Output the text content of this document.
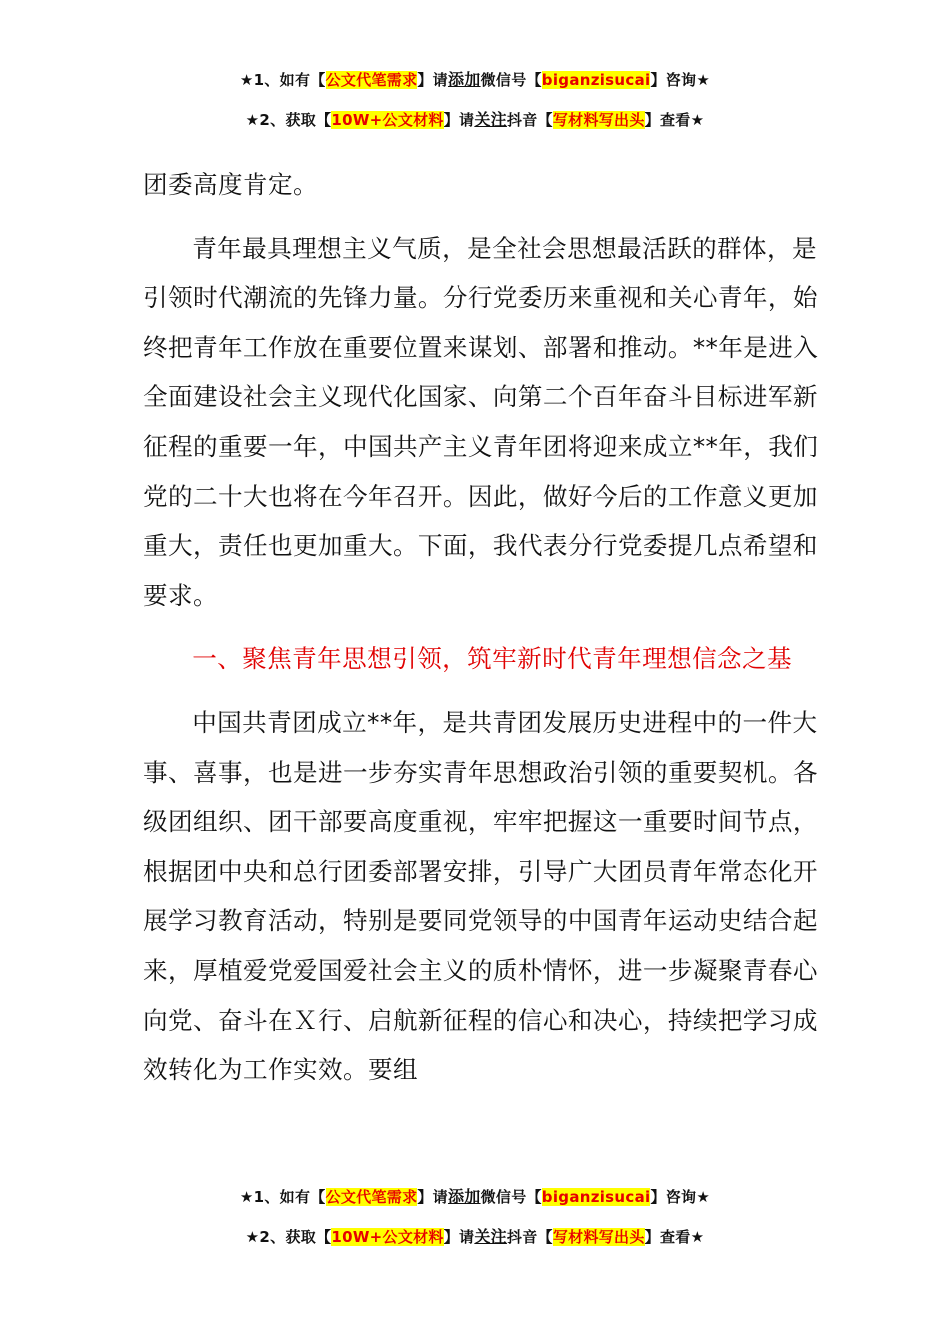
★1、如有【公文代笔需求】请添加微信号【biganzisucai】咨询★
★2、获取【10W+公文材料】请关注抖音【写材料写出头】查看★

团委高度肯定。

青年最具理想主义气质，是全社会思想最活跃的群体，是引领时代潮流的先锋力量。分行党委历来重视和关心青年，始终把青年工作放在重要位置来谋划、部署和推动。**年是进入全面建设社会主义现代化国家、向第二个百年奋斗目标进军新征程的重要一年，中国共产主义青年团将迎来成立**年，我们党的二十大也将在今年召开。因此，做好今后的工作意义更加重大，责任也更加重大。下面，我代表分行党委提几点希望和要求。

一、聚焦青年思想引领，筑牢新时代青年理想信念之基

中国共青团成立**年，是共青团发展历史进程中的一件大事、喜事，也是进一步夯实青年思想政治引领的重要契机。各级团组织、团干部要高度重视，牢牢把握这一重要时间节点，根据团中央和总行团委部署安排，引导广大团员青年常态化开展学习教育活动，特别是要同党领导的中国青年运动史结合起来，厚植爱党爱国爱社会主义的质朴情怀，进一步凝聚青春心向党、奋斗在Ｘ行、启航新征程的信心和决心，持续把学习成效转化为工作实效。要组

★1、如有【公文代笔需求】请添加微信号【biganzisucai】咨询★
★2、获取【10W+公文材料】请关注抖音【写材料写出头】查看★
